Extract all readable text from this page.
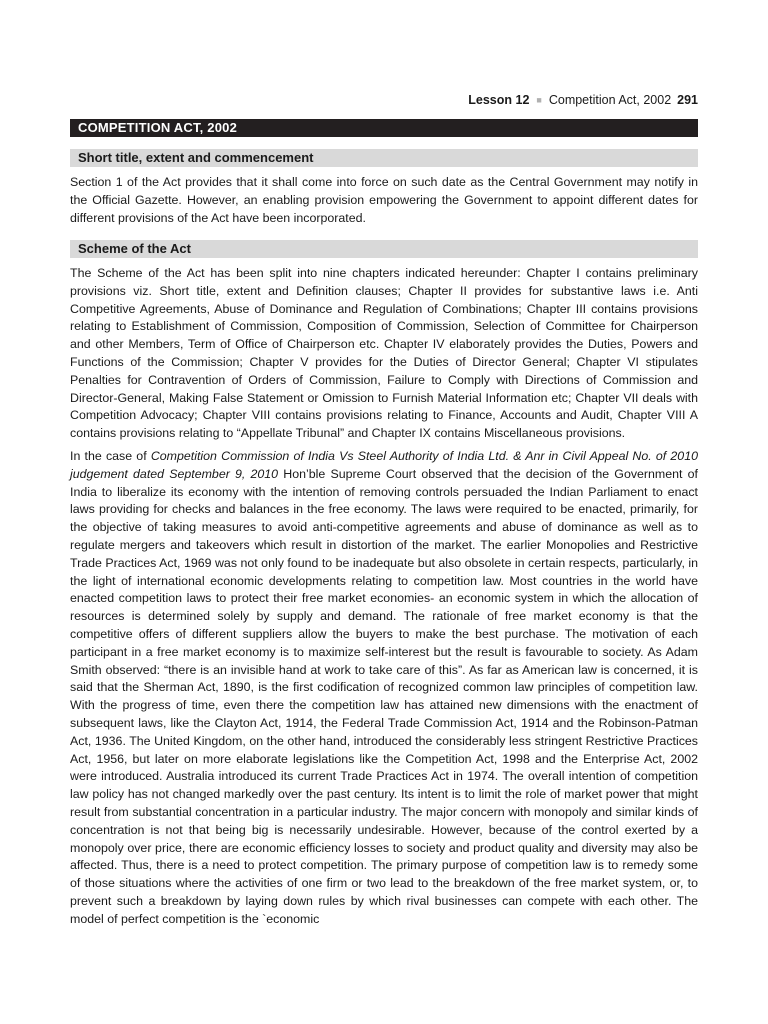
Lesson 12 ■ Competition Act, 2002 291
COMPETITION ACT, 2002
Short title, extent and commencement

Section 1 of the Act provides that it shall come into force on such date as the Central Government may notify in the Official Gazette. However, an enabling provision empowering the Government to appoint different dates for different provisions of the Act have been incorporated.

Scheme of the Act

The Scheme of the Act has been split into nine chapters indicated hereunder: Chapter I contains preliminary provisions viz. Short title, extent and Definition clauses; Chapter II provides for substantive laws i.e. Anti Competitive Agreements, Abuse of Dominance and Regulation of Combinations; Chapter III contains provisions relating to Establishment of Commission, Composition of Commission, Selection of Committee for Chairperson and other Members, Term of Office of Chairperson etc. Chapter IV elaborately provides the Duties, Powers and Functions of the Commission; Chapter V provides for the Duties of Director General; Chapter VI stipulates Penalties for Contravention of Orders of Commission, Failure to Comply with Directions of Commission and Director-General, Making False Statement or Omission to Furnish Material Information etc; Chapter VII deals with Competition Advocacy; Chapter VIII contains provisions relating to Finance, Accounts and Audit, Chapter VIII A contains provisions relating to “Appellate Tribunal” and Chapter IX contains Miscellaneous provisions.

In the case of Competition Commission of India Vs Steel Authority of India Ltd. & Anr in Civil Appeal No. of 2010 judgement dated September 9, 2010 Hon’ble Supreme Court observed that the decision of the Government of India to liberalize its economy with the intention of removing controls persuaded the Indian Parliament to enact laws providing for checks and balances in the free economy. The laws were required to be enacted, primarily, for the objective of taking measures to avoid anti-competitive agreements and abuse of dominance as well as to regulate mergers and takeovers which result in distortion of the market. The earlier Monopolies and Restrictive Trade Practices Act, 1969 was not only found to be inadequate but also obsolete in certain respects, particularly, in the light of international economic developments relating to competition law. Most countries in the world have enacted competition laws to protect their free market economies- an economic system in which the allocation of resources is determined solely by supply and demand. The rationale of free market economy is that the competitive offers of different suppliers allow the buyers to make the best purchase. The motivation of each participant in a free market economy is to maximize self-interest but the result is favourable to society. As Adam Smith observed: “there is an invisible hand at work to take care of this”. As far as American law is concerned, it is said that the Sherman Act, 1890, is the first codification of recognized common law principles of competition law. With the progress of time, even there the competition law has attained new dimensions with the enactment of subsequent laws, like the Clayton Act, 1914, the Federal Trade Commission Act, 1914 and the Robinson-Patman Act, 1936. The United Kingdom, on the other hand, introduced the considerably less stringent Restrictive Practices Act, 1956, but later on more elaborate legislations like the Competition Act, 1998 and the Enterprise Act, 2002 were introduced. Australia introduced its current Trade Practices Act in 1974. The overall intention of competition law policy has not changed markedly over the past century. Its intent is to limit the role of market power that might result from substantial concentration in a particular industry. The major concern with monopoly and similar kinds of concentration is not that being big is necessarily undesirable. However, because of the control exerted by a monopoly over price, there are economic efficiency losses to society and product quality and diversity may also be affected. Thus, there is a need to protect competition. The primary purpose of competition law is to remedy some of those situations where the activities of one firm or two lead to the breakdown of the free market system, or, to prevent such a breakdown by laying down rules by which rival businesses can compete with each other. The model of perfect competition is the `economic
